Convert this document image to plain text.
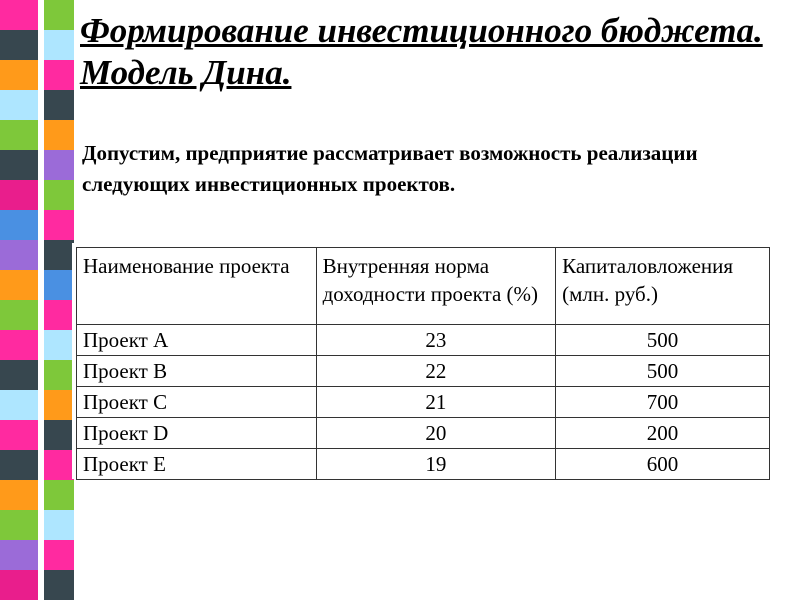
Формирование инвестиционного бюджета. Модель Дина.

Допустим, предприятие рассматривает возможность реализации следующих инвестиционных проектов.

Наименование проекта	Внутренняя норма доходности проекта (%)	Капиталовложения (млн. руб.)
Проект A	23	500
Проект B	22	500
Проект C	21	700
Проект D	20	200
Проект E	19	600
